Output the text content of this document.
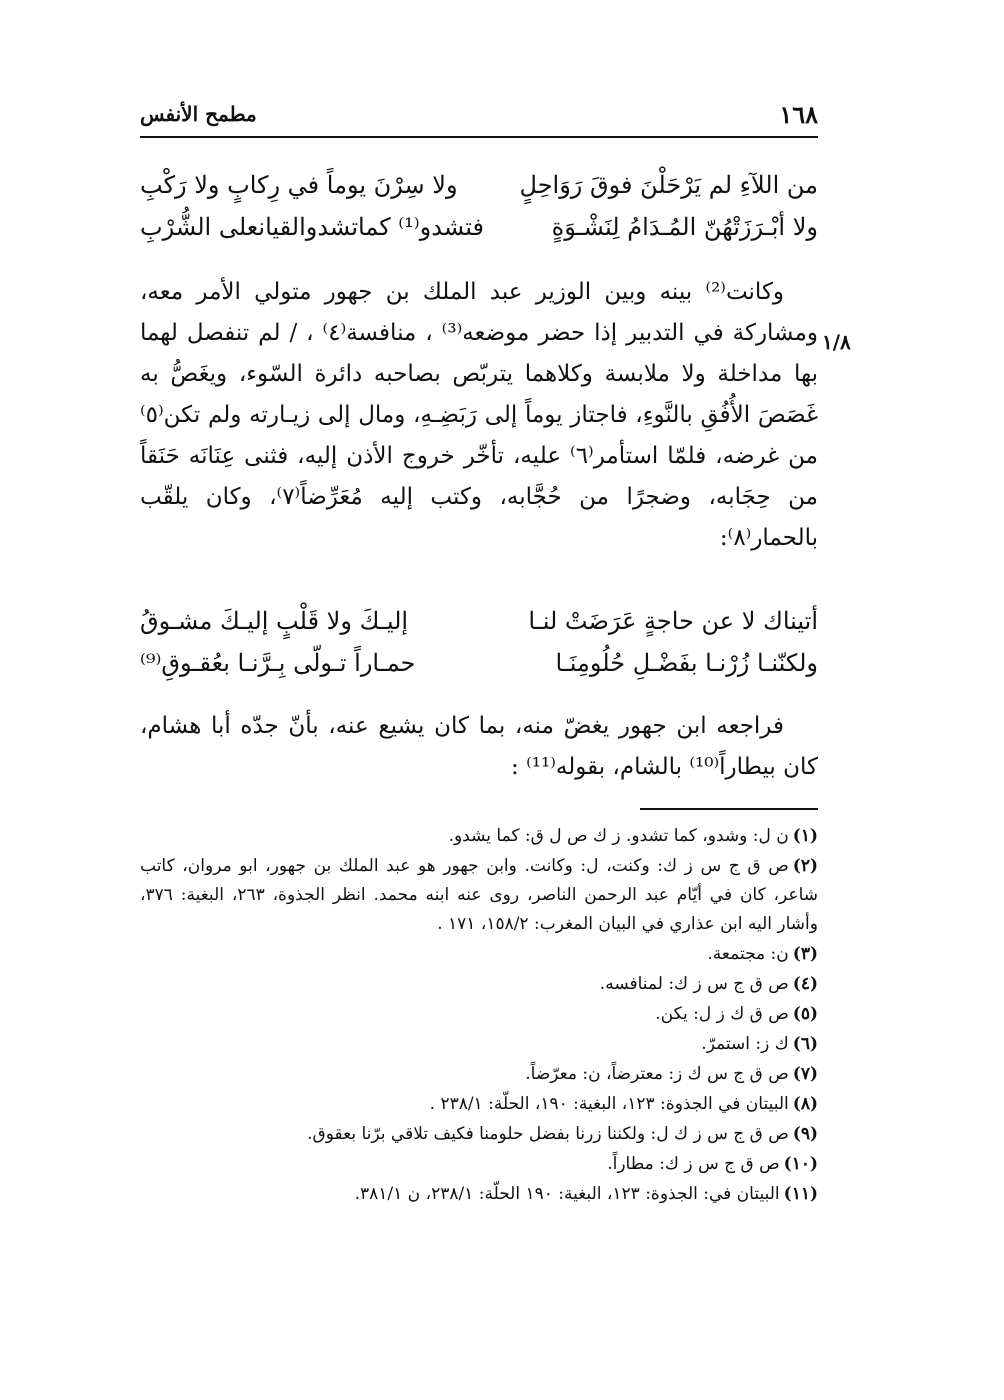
١٦٨
مطمح الأنفس
من اللآءِ لم يَرْحَلْنَ فوقَ رَوَاحِلٍ
ولا سِرْنَ يوماً في رِكابٍ ولا رَكْبِ
ولا أبْـرَزَتْهُنّ المُـدَامُ لِنَشْـوَةٍ
فتشدو⁽¹⁾ كماتشدوالقيانعلى الشُّرْبِ

وكانت⁽²⁾ بينه وبين الوزير عبد الملك بن جهور متولي الأمر معه، ومشاركة في التدبير إذا حضر موضعه⁽³⁾ ، منافسة⁽٤⁾ ، / لم تنفصل لهما بها مداخلة ولا ملابسة وكلاهما يتربّص بصاحبه دائرة السّوء، ويغَصُّ به غَصَصَ الأُفُقِ بالنَّوءِ، فاجتاز يوماً إلى رَبَضِـهِ، ومال إلى زيـارته ولم تكن⁽٥⁾ من غرضه، فلمّا استأمر⁽٦⁾ عليه، تأخّر خروج الأذن إليه، فثنى عِنَانَه حَنَقاً من حِجَابه، وضجرًا من حُجَّابه، وكتب إليه مُعَرِّضاً⁽٧⁾، وكان يلقّب بالحمار⁽٨⁾:

١/٨
أتيناك لا عن حاجةٍ عَرَضَتْ لنـا
إليـكَ ولا قَلْبٍ إليـكَ مشـوقُ
ولكنّنـا زُرْنـا بفَضْـلِ حُلُومِنَـا
حمـاراً تـولّى بِـرَّنـا بعُقـوقِ⁽⁹⁾

فراجعه ابن جهور يغضّ منه، بما كان يشيع عنه، بأنّ جدّه أبا هشام، كان بيطاراً⁽¹⁰⁾ بالشام، بقوله⁽¹¹⁾ :

(١)ن ل: وشدو، كما تشدو. ز ك ص ل ق: كما يشدو.
(٢)ص ق ج س ز ك: وكنت، ل: وكانت. وابن جهور هو عبد الملك بن جهور، ابو مروان، كاتب شاعر، كان في أيّام عبد الرحمن الناصر، روى عنه ابنه محمد. انظر الجذوة، ٢٦٣، البغية: ٣٧٦، وأشار اليه ابن عذاري في البيان المغرب: ١٥٨/٢، ١٧١ .
(٣)ن: مجتمعة.
(٤)ص ق ج س ز ك: لمنافسه.
(٥)ص ق ك ز ل: يكن.
(٦)ك ز: استمرّ.
(٧)ص ق ج س ك ز: معترضاً، ن: معرّضاً.
(٨)البيتان في الجذوة: ١٢٣، البغية: ١٩٠، الحلّة: ٢٣٨/١ .
(٩)ص ق ج س ز ك ل: ولكننا زرنا بفضل حلومنا فكيف تلاقي برّنا بعقوق.
(١٠)ص ق ج س ز ك: مطاراً.
(١١)البيتان في: الجذوة: ١٢٣، البغية: ١٩٠ الحلّة: ٢٣٨/١، ن ٣٨١/١.
